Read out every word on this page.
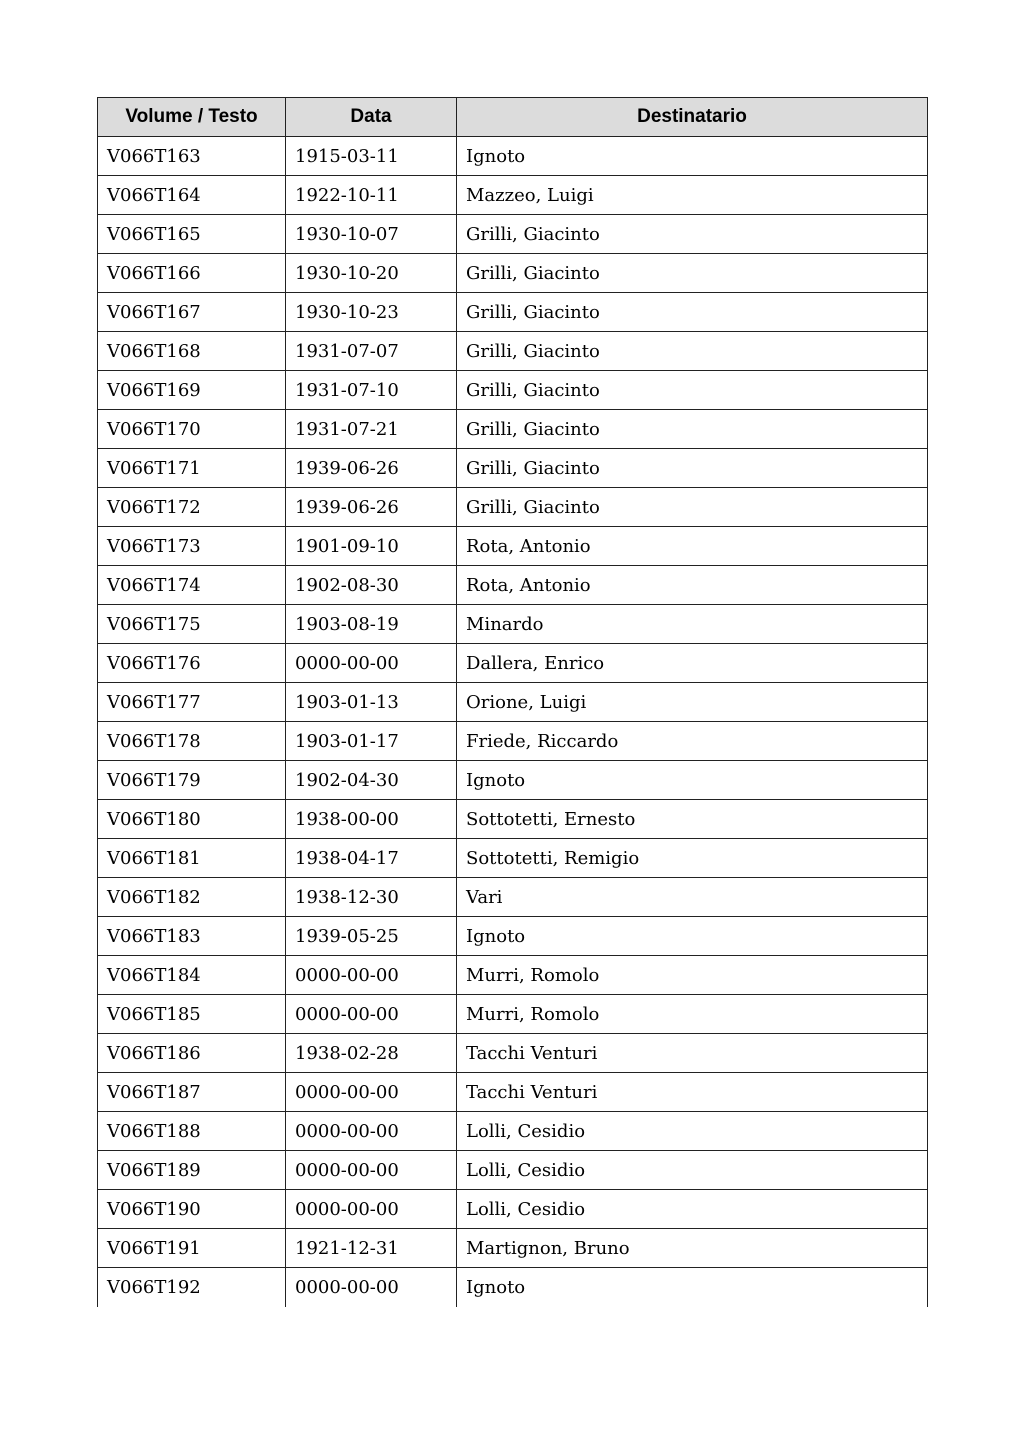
Volume / Testo	Data	Destinatario
V066T163	1915-03-11	Ignoto
V066T164	1922-10-11	Mazzeo, Luigi
V066T165	1930-10-07	Grilli, Giacinto
V066T166	1930-10-20	Grilli, Giacinto
V066T167	1930-10-23	Grilli, Giacinto
V066T168	1931-07-07	Grilli, Giacinto
V066T169	1931-07-10	Grilli, Giacinto
V066T170	1931-07-21	Grilli, Giacinto
V066T171	1939-06-26	Grilli, Giacinto
V066T172	1939-06-26	Grilli, Giacinto
V066T173	1901-09-10	Rota, Antonio
V066T174	1902-08-30	Rota, Antonio
V066T175	1903-08-19	Minardo
V066T176	0000-00-00	Dallera, Enrico
V066T177	1903-01-13	Orione, Luigi
V066T178	1903-01-17	Friede, Riccardo
V066T179	1902-04-30	Ignoto
V066T180	1938-00-00	Sottotetti, Ernesto
V066T181	1938-04-17	Sottotetti, Remigio
V066T182	1938-12-30	Vari
V066T183	1939-05-25	Ignoto
V066T184	0000-00-00	Murri, Romolo
V066T185	0000-00-00	Murri, Romolo
V066T186	1938-02-28	Tacchi Venturi
V066T187	0000-00-00	Tacchi Venturi
V066T188	0000-00-00	Lolli, Cesidio
V066T189	0000-00-00	Lolli, Cesidio
V066T190	0000-00-00	Lolli, Cesidio
V066T191	1921-12-31	Martignon, Bruno
V066T192	0000-00-00	Ignoto
